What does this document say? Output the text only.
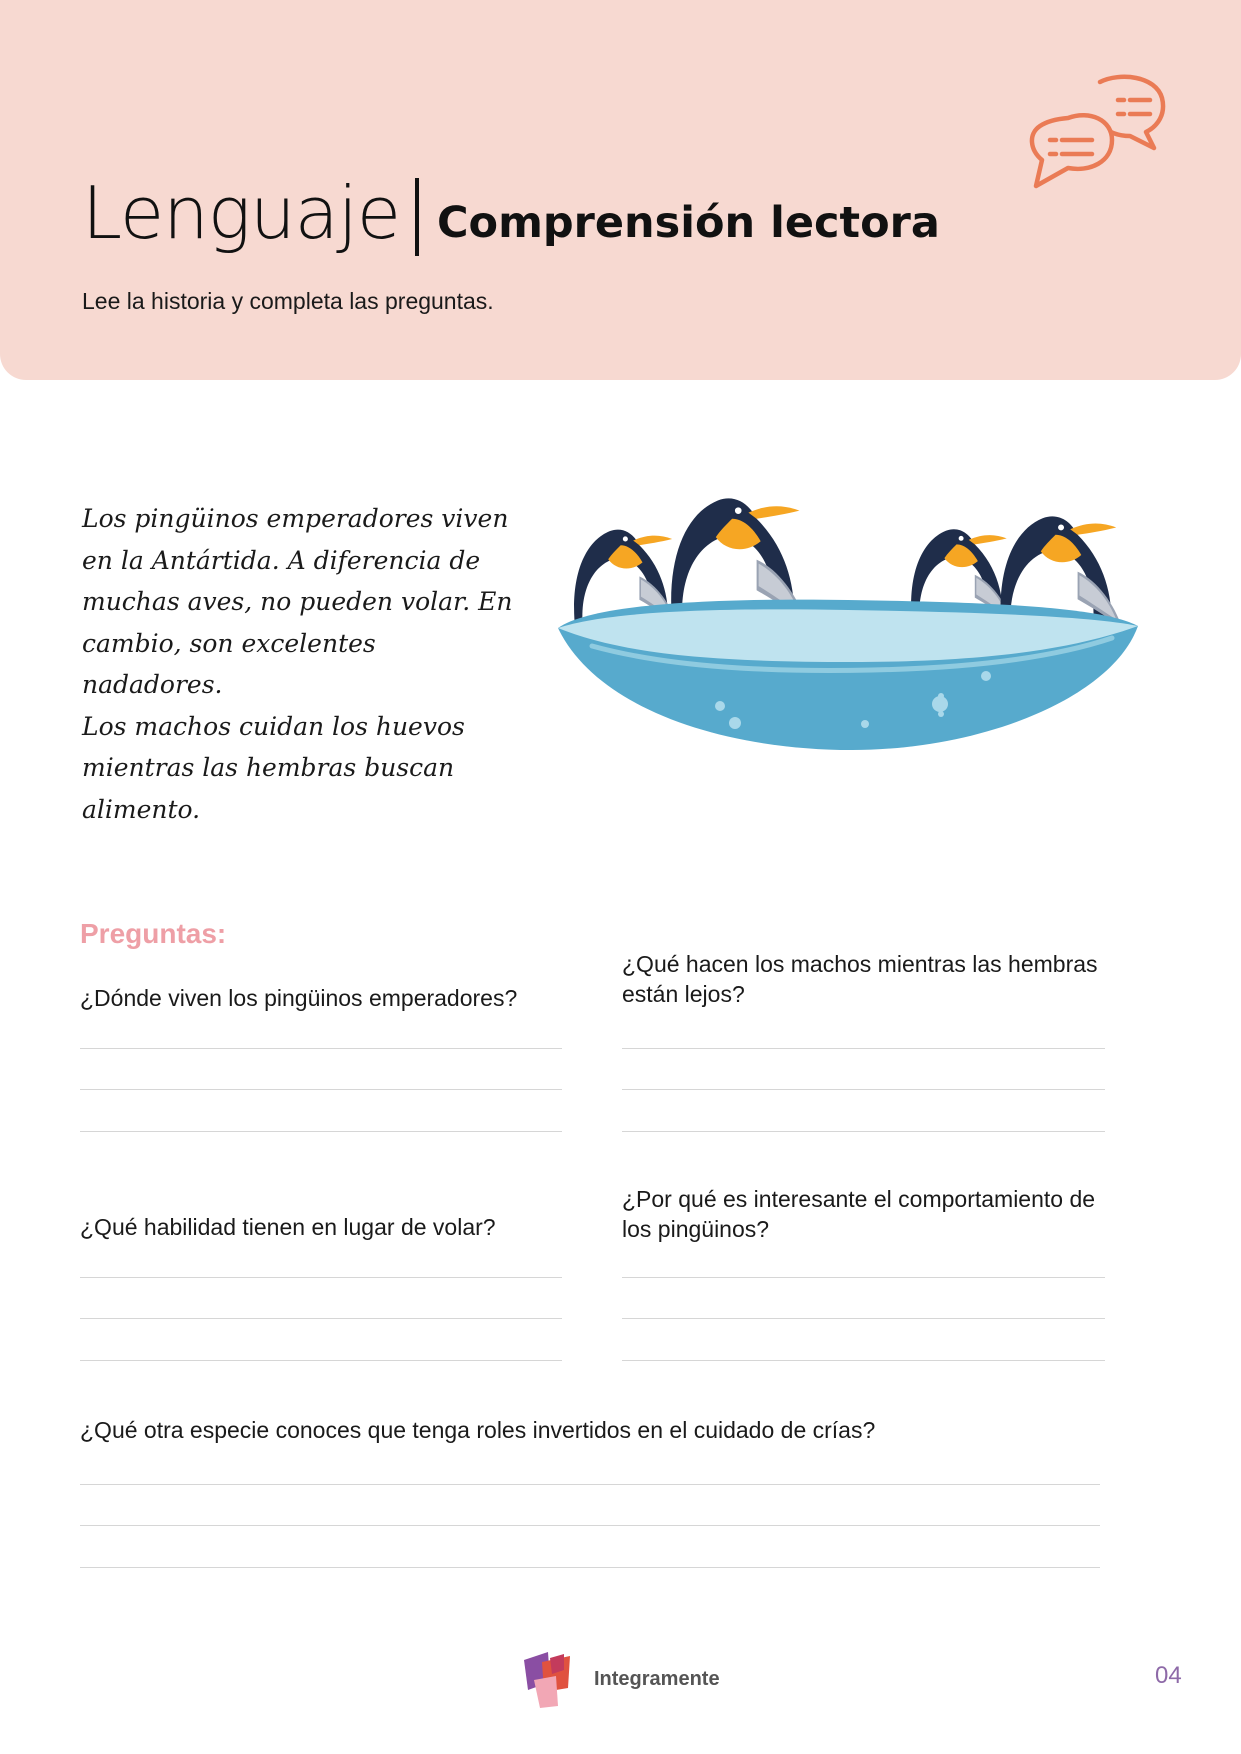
Lenguaje Comprensión lectora
Lee la historia y completa las preguntas.
Los pingüinos emperadores viven
en la Antártida. A diferencia de
muchas aves, no pueden volar. En
cambio, son excelentes nadadores.
Los machos cuidan los huevos
mientras las hembras buscan
alimento.
Preguntas:
¿Dónde viven los pingüinos emperadores?
¿Qué hacen los machos mientras las hembras están lejos?
¿Qué habilidad tienen en lugar de volar?
¿Por qué es interesante el comportamiento de los pingüinos?
¿Qué otra especie conoces que tenga roles invertidos en el cuidado de crías?
Integramente	04
